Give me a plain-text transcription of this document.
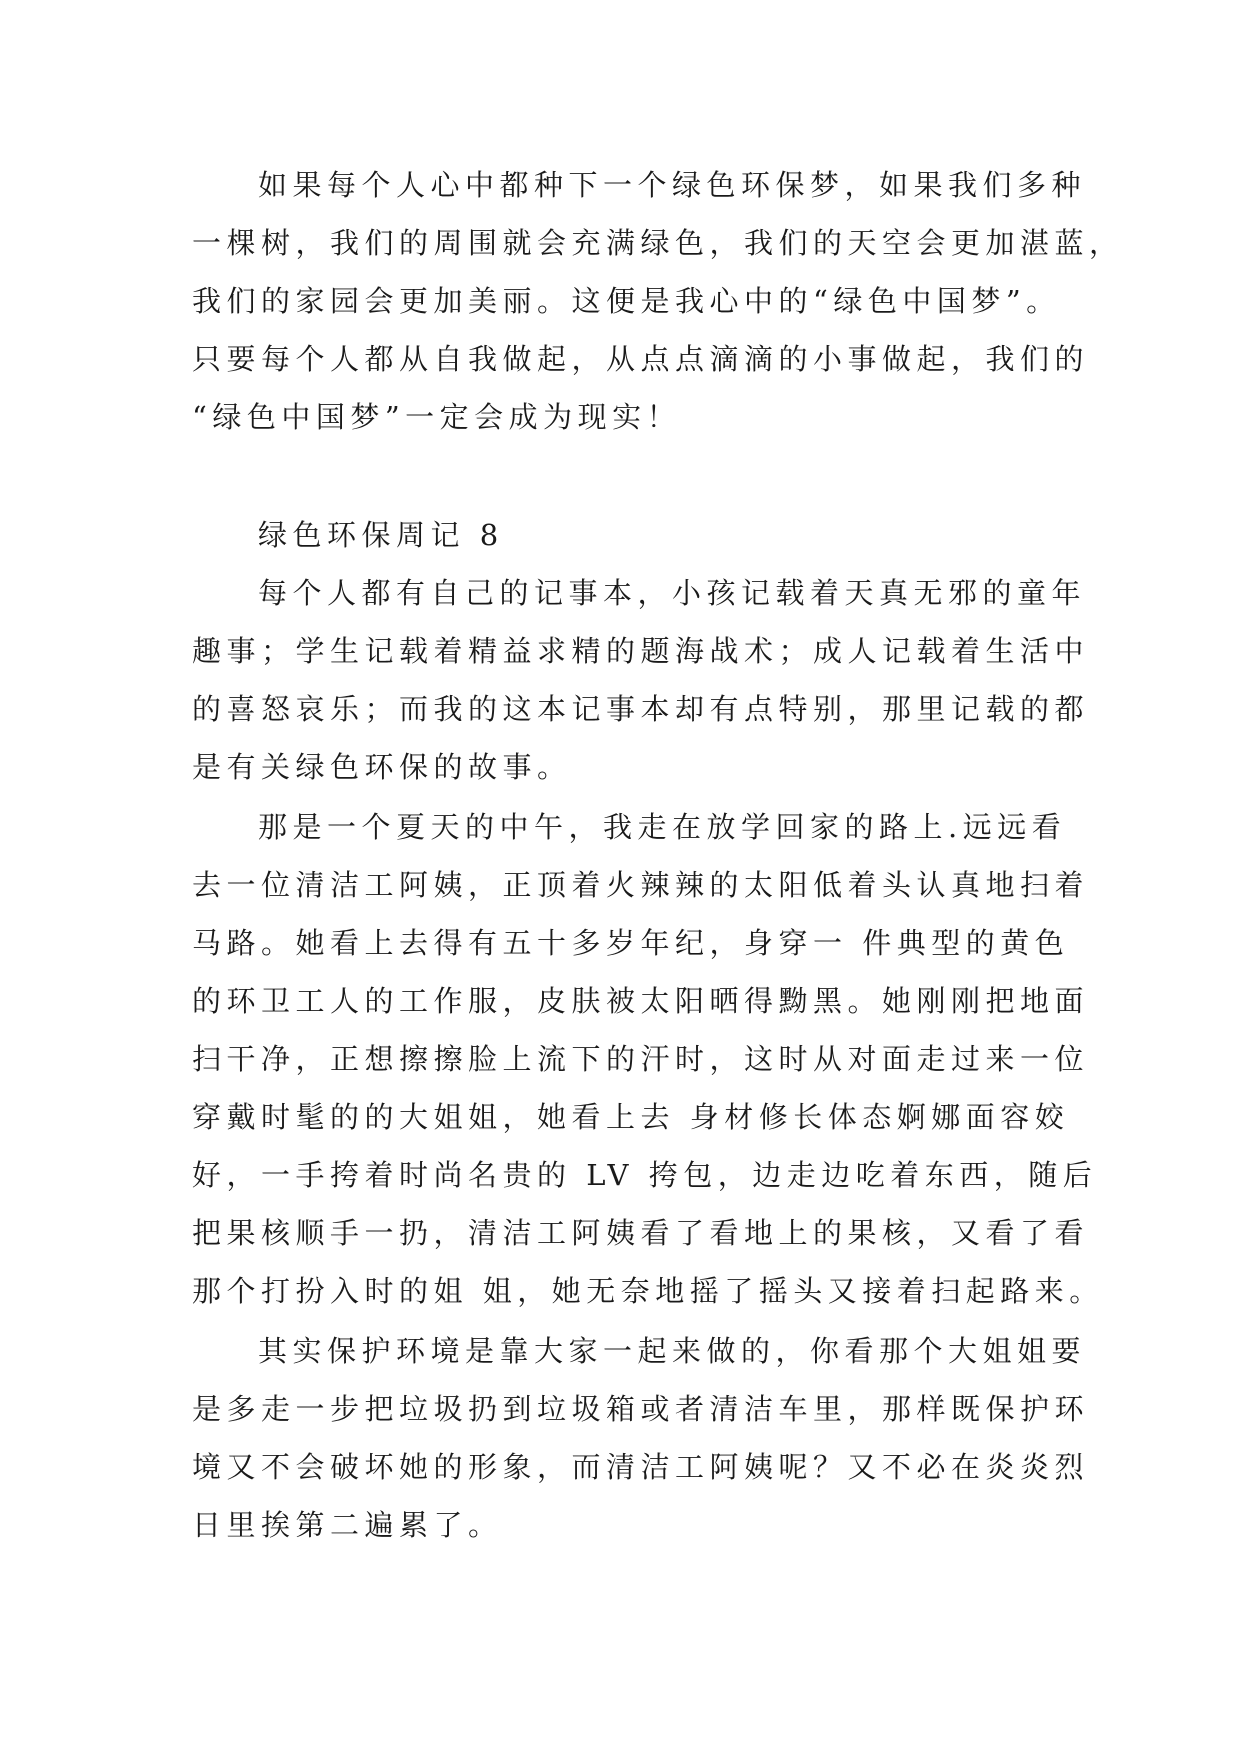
如果每个人心中都种下一个绿色环保梦，如果我们多种
一棵树，我们的周围就会充满绿色，我们的天空会更加湛蓝，
我们的家园会更加美丽。这便是我心中的“绿色中国梦”。
只要每个人都从自我做起，从点点滴滴的小事做起，我们的
“绿色中国梦”一定会成为现实！
绿色环保周记 8
每个人都有自己的记事本，小孩记载着天真无邪的童年
趣事；学生记载着精益求精的题海战术；成人记载着生活中
的喜怒哀乐；而我的这本记事本却有点特别，那里记载的都
是有关绿色环保的故事。
那是一个夏天的中午，我走在放学回家的路上.远远看
去一位清洁工阿姨，正顶着火辣辣的太阳低着头认真地扫着
马路。她看上去得有五十多岁年纪，身穿一 件典型的黄色
的环卫工人的工作服，皮肤被太阳晒得黝黑。她刚刚把地面
扫干净，正想擦擦脸上流下的汗时，这时从对面走过来一位
穿戴时髦的的大姐姐，她看上去 身材修长体态婀娜面容姣
好，一手挎着时尚名贵的 LV 挎包，边走边吃着东西，随后
把果核顺手一扔，清洁工阿姨看了看地上的果核，又看了看
那个打扮入时的姐 姐，她无奈地摇了摇头又接着扫起路来。
其实保护环境是靠大家一起来做的，你看那个大姐姐要
是多走一步把垃圾扔到垃圾箱或者清洁车里，那样既保护环
境又不会破坏她的形象，而清洁工阿姨呢？又不必在炎炎烈
日里挨第二遍累了。
